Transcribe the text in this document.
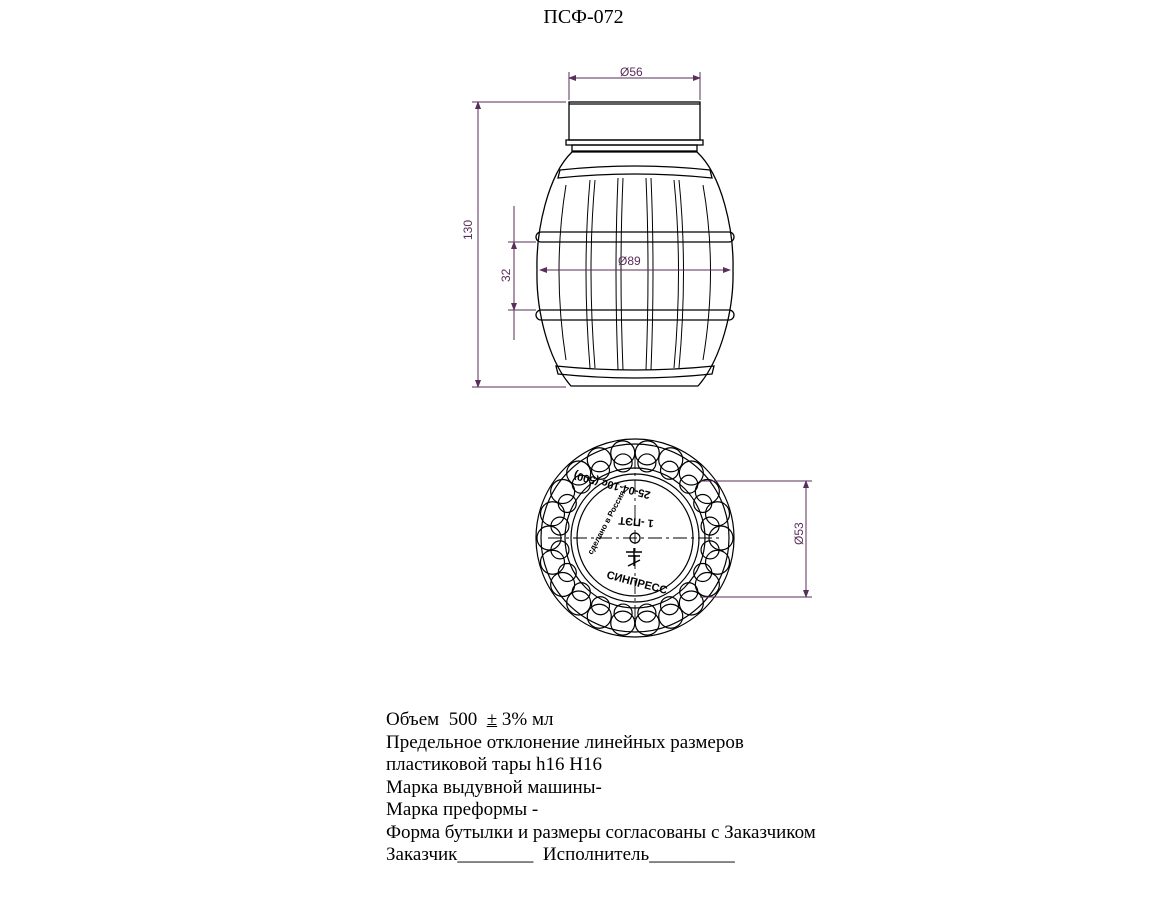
ПСФ-072
Ø56
Ø89
130
32
25-04-10с (500)
1 -ПЭТ
СИНПРЕСС
сделано в Россия	Ø53
Объем  500  ± 3% мл
Предельное отклонение линейных размеров
пластиковой тары h16 H16
Марка выдувной машины-
Марка преформы -
Форма бутылки и размеры согласованы с Заказчиком
Заказчик________  Исполнитель_________
